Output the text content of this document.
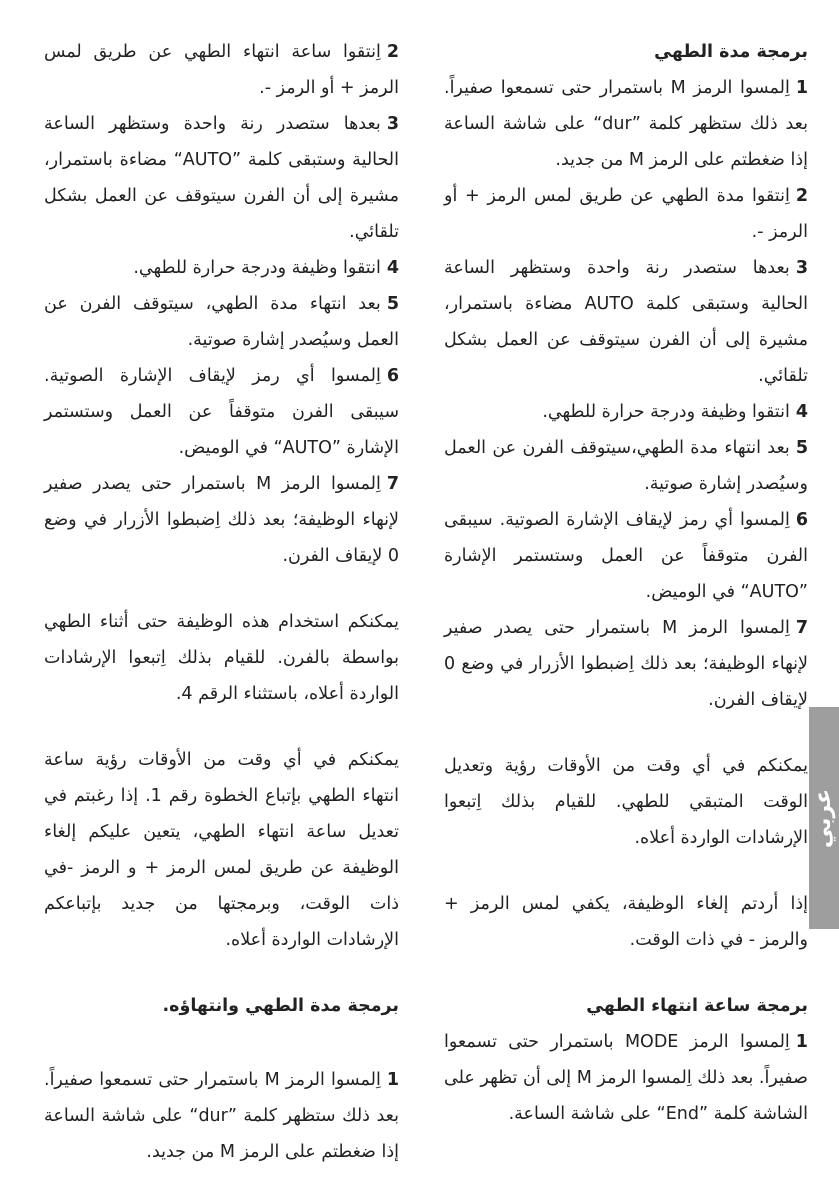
برمجة مدة الطهي

1اِلمسوا الرمز M باستمرار حتى تسمعوا صفيراً. بعد ذلك ستظهر كلمة ”dur“ على شاشة الساعة إذا ضغطتم على الرمز M من جديد.

2اِنتقوا مدة الطهي عن طريق لمس الرمز + أو الرمز -.

3بعدها ستصدر رنة واحدة وستظهر الساعة الحالية وستبقى كلمة AUTO مضاءة باستمرار، مشيرة إلى أن الفرن سيتوقف عن العمل بشكل تلقائي.

4انتقوا وظيفة ودرجة حرارة للطهي.

5بعد انتهاء مدة الطهي،سيتوقف الفرن عن العمل وسيُصدر إشارة صوتية.

6اِلمسوا أي رمز لإيقاف الإشارة الصوتية. سيبقى الفرن متوقفاً عن العمل وستستمر الإشارة ”AUTO“ في الوميض.

7اِلمسوا الرمز M باستمرار حتى يصدر صفير لإنهاء الوظيفة؛ بعد ذلك اِضبطوا الأزرار في وضع 0 لإيقاف الفرن.

يمكنكم في أي وقت من الأوقات رؤية وتعديل الوقت المتبقي للطهي. للقيام بذلك اِتبعوا الإرشادات الواردة أعلاه.

إذا أردتم إلغاء الوظيفة، يكفي لمس الرمز + والرمز - في ذات الوقت.

برمجة ساعة انتهاء الطهي

1اِلمسوا الرمز MODE باستمرار حتى تسمعوا صفيراً. بعد ذلك اِلمسوا الرمز M إلى أن تظهر على الشاشة كلمة ”End“ على شاشة الساعة.

2اِنتقوا ساعة انتهاء الطهي عن طريق لمس الرمز + أو الرمز -.

3بعدها ستصدر رنة واحدة وستظهر الساعة الحالية وستبقى كلمة ”AUTO“ مضاءة باستمرار، مشيرة إلى أن الفرن سيتوقف عن العمل بشكل تلقائي.

4انتقوا وظيفة ودرجة حرارة للطهي.

5بعد انتهاء مدة الطهي، سيتوقف الفرن عن العمل وسيُصدر إشارة صوتية.

6اِلمسوا أي رمز لإيقاف الإشارة الصوتية. سيبقى الفرن متوقفاً عن العمل وستستمر الإشارة ”AUTO“ في الوميض.

7اِلمسوا الرمز M باستمرار حتى يصدر صفير لإنهاء الوظيفة؛ بعد ذلك اِضبطوا الأزرار في وضع 0 لإيقاف الفرن.

يمكنكم استخدام هذه الوظيفة حتى أثناء الطهي بواسطة بالفرن. للقيام بذلك اِتبعوا الإرشادات الواردة أعلاه، باستثناء الرقم 4.

يمكنكم في أي وقت من الأوقات رؤية ساعة انتهاء الطهي بإتباع الخطوة رقم 1. إذا رغبتم في تعديل ساعة انتهاء الطهي، يتعين عليكم إلغاء الوظيفة عن طريق لمس الرمز + و الرمز -في ذات الوقت، وبرمجتها من جديد بإتباعكم الإرشادات الواردة أعلاه.

برمجة مدة الطهي وانتهاؤه.

1اِلمسوا الرمز M باستمرار حتى تسمعوا صفيراً. بعد ذلك ستظهر كلمة ”dur“ على شاشة الساعة إذا ضغطتم على الرمز M من جديد.

عربي
